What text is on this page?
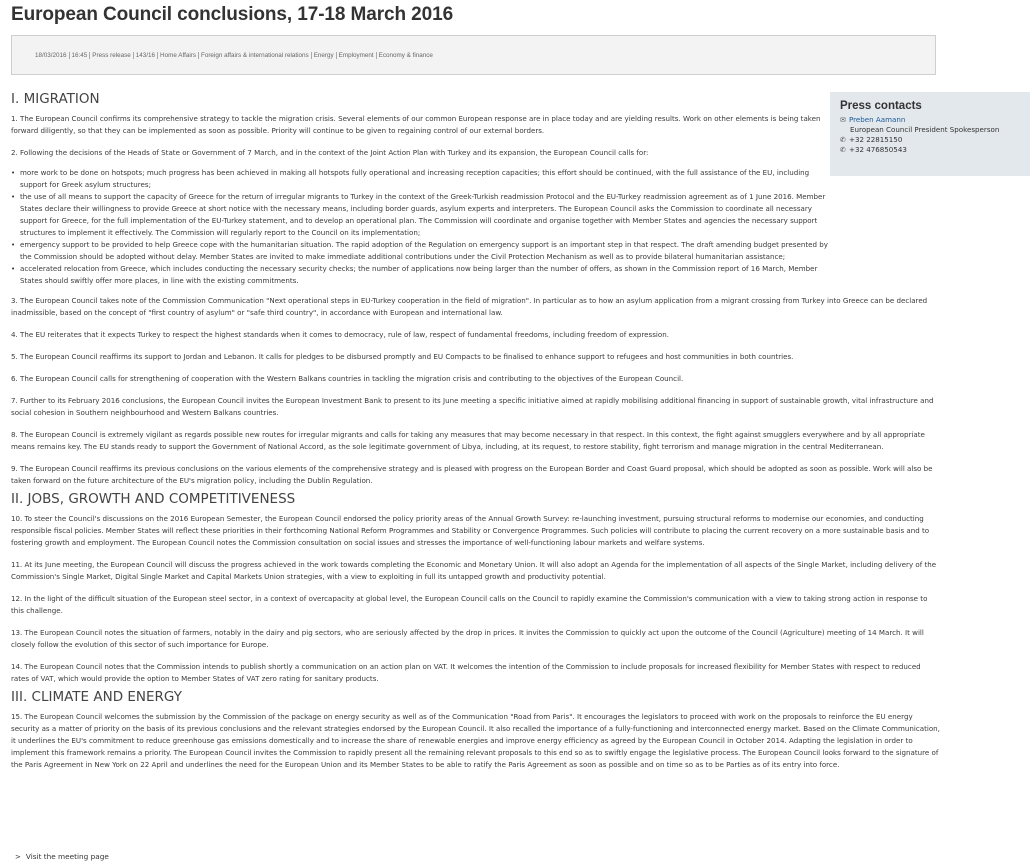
European Council conclusions, 17-18 March 2016
18/03/2016 16:45 Press release 143/16 Home Affairs Foreign affairs & international relations Energy Employment Economy & finance
Press contacts
✉ Preben Aamann
European Council President Spokesperson
✆ +32 22815150
✆ +32 476850543
I. MIGRATION

1. The European Council confirms its comprehensive strategy to tackle the migration crisis. Several elements of our common European response are in place today and are yielding results. Work on other elements is being taken forward diligently, so that they can be implemented as soon as possible. Priority will continue to be given to regaining control of our external borders.

2. Following the decisions of the Heads of State or Government of 7 March, and in the context of the Joint Action Plan with Turkey and its expansion, the European Council calls for:

• more work to be done on hotspots; much progress has been achieved in making all hotspots fully operational and increasing reception capacities; this effort should be continued, with the full assistance of the EU, including support for Greek asylum structures;
• the use of all means to support the capacity of Greece for the return of irregular migrants to Turkey in the context of the Greek-Turkish readmission Protocol and the EU-Turkey readmission agreement as of 1 June 2016. Member States declare their willingness to provide Greece at short notice with the necessary means, including border guards, asylum experts and interpreters. The European Council asks the Commission to coordinate all necessary support for Greece, for the full implementation of the EU-Turkey statement, and to develop an operational plan. The Commission will coordinate and organise together with Member States and agencies the necessary support structures to implement it effectively. The Commission will regularly report to the Council on its implementation;
• emergency support to be provided to help Greece cope with the humanitarian situation. The rapid adoption of the Regulation on emergency support is an important step in that respect. The draft amending budget presented by the Commission should be adopted without delay. Member States are invited to make immediate additional contributions under the Civil Protection Mechanism as well as to provide bilateral humanitarian assistance;
• accelerated relocation from Greece, which includes conducting the necessary security checks; the number of applications now being larger than the number of offers, as shown in the Commission report of 16 March, Member States should swiftly offer more places, in line with the existing commitments.

3. The European Council takes note of the Commission Communication "Next operational steps in EU-Turkey cooperation in the field of migration". In particular as to how an asylum application from a migrant crossing from Turkey into Greece can be declared inadmissible, based on the concept of "first country of asylum" or "safe third country", in accordance with European and international law.

4. The EU reiterates that it expects Turkey to respect the highest standards when it comes to democracy, rule of law, respect of fundamental freedoms, including freedom of expression.

5. The European Council reaffirms its support to Jordan and Lebanon. It calls for pledges to be disbursed promptly and EU Compacts to be finalised to enhance support to refugees and host communities in both countries.

6. The European Council calls for strengthening of cooperation with the Western Balkans countries in tackling the migration crisis and contributing to the objectives of the European Council.

7. Further to its February 2016 conclusions, the European Council invites the European Investment Bank to present to its June meeting a specific initiative aimed at rapidly mobilising additional financing in support of sustainable growth, vital infrastructure and social cohesion in Southern neighbourhood and Western Balkans countries.

8. The European Council is extremely vigilant as regards possible new routes for irregular migrants and calls for taking any measures that may become necessary in that respect. In this context, the fight against smugglers everywhere and by all appropriate means remains key. The EU stands ready to support the Government of National Accord, as the sole legitimate government of Libya, including, at its request, to restore stability, fight terrorism and manage migration in the central Mediterranean.

9. The European Council reaffirms its previous conclusions on the various elements of the comprehensive strategy and is pleased with progress on the European Border and Coast Guard proposal, which should be adopted as soon as possible. Work will also be taken forward on the future architecture of the EU's migration policy, including the Dublin Regulation.

II. JOBS, GROWTH AND COMPETITIVENESS

10. To steer the Council's discussions on the 2016 European Semester, the European Council endorsed the policy priority areas of the Annual Growth Survey: re-launching investment, pursuing structural reforms to modernise our economies, and conducting responsible fiscal policies. Member States will reflect these priorities in their forthcoming National Reform Programmes and Stability or Convergence Programmes. Such policies will contribute to placing the current recovery on a more sustainable basis and to fostering growth and employment. The European Council notes the Commission consultation on social issues and stresses the importance of well-functioning labour markets and welfare systems.

11. At its June meeting, the European Council will discuss the progress achieved in the work towards completing the Economic and Monetary Union. It will also adopt an Agenda for the implementation of all aspects of the Single Market, including delivery of the Commission's Single Market, Digital Single Market and Capital Markets Union strategies, with a view to exploiting in full its untapped growth and productivity potential.

12. In the light of the difficult situation of the European steel sector, in a context of overcapacity at global level, the European Council calls on the Council to rapidly examine the Commission's communication with a view to taking strong action in response to this challenge.

13. The European Council notes the situation of farmers, notably in the dairy and pig sectors, who are seriously affected by the drop in prices. It invites the Commission to quickly act upon the outcome of the Council (Agriculture) meeting of 14 March. It will closely follow the evolution of this sector of such importance for Europe.

14. The European Council notes that the Commission intends to publish shortly a communication on an action plan on VAT. It welcomes the intention of the Commission to include proposals for increased flexibility for Member States with respect to reduced rates of VAT, which would provide the option to Member States of VAT zero rating for sanitary products.

III. CLIMATE AND ENERGY

15. The European Council welcomes the submission by the Commission of the package on energy security as well as of the Communication "Road from Paris". It encourages the legislators to proceed with work on the proposals to reinforce the EU energy security as a matter of priority on the basis of its previous conclusions and the relevant strategies endorsed by the European Council. It also recalled the importance of a fully-functioning and interconnected energy market. Based on the Climate Communication, it underlines the EU's commitment to reduce greenhouse gas emissions domestically and to increase the share of renewable energies and improve energy efficiency as agreed by the European Council in October 2014. Adapting the legislation in order to implement this framework remains a priority. The European Council invites the Commission to rapidly present all the remaining relevant proposals to this end so as to swiftly engage the legislative process. The European Council looks forward to the signature of the Paris Agreement in New York on 22 April and underlines the need for the European Union and its Member States to be able to ratify the Paris Agreement as soon as possible and on time so as to be Parties as of its entry into force.

> Visit the meeting page
